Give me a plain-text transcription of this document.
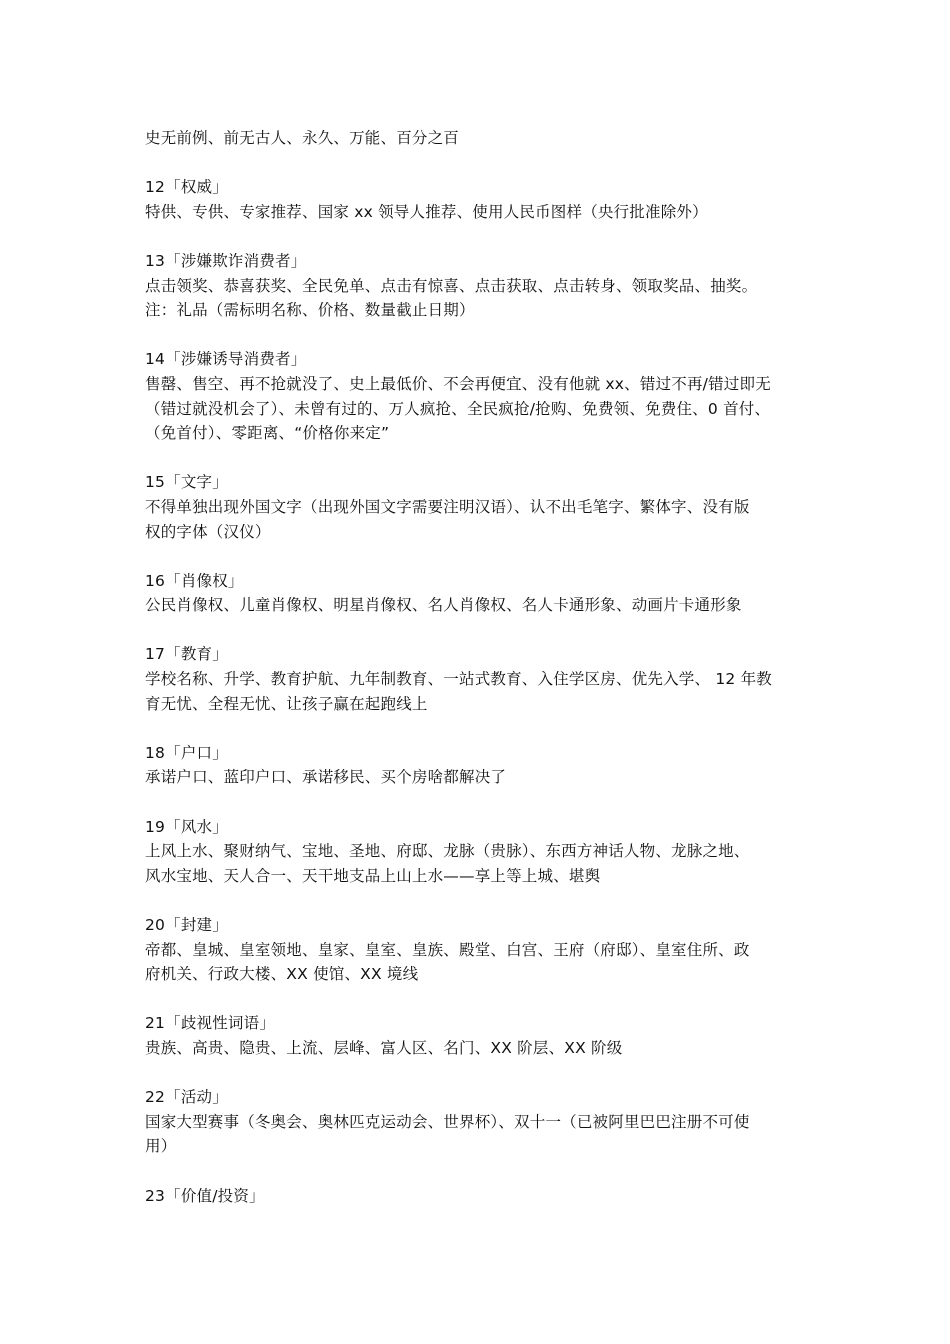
史无前例、前无古人、永久、万能、百分之百
12「权威」
特供、专供、专家推荐、国家 xx 领导人推荐、使用人民币图样（央行批准除外）
13「涉嫌欺诈消费者」
点击领奖、恭喜获奖、全民免单、点击有惊喜、点击获取、点击转身、领取奖品、抽奖。
注：礼品（需标明名称、价格、数量截止日期）
14「涉嫌诱导消费者」
售罄、售空、再不抢就没了、史上最低价、不会再便宜、没有他就 xx、错过不再/错过即无
（错过就没机会了）、未曾有过的、万人疯抢、全民疯抢/抢购、免费领、免费住、0 首付、
（免首付）、零距离、“价格你来定”
15「文字」
不得单独出现外国文字（出现外国文字需要注明汉语）、认不出毛笔字、繁体字、没有版
权的字体（汉仪）
16「肖像权」
公民肖像权、儿童肖像权、明星肖像权、名人肖像权、名人卡通形象、动画片卡通形象
17「教育」
学校名称、升学、教育护航、九年制教育、一站式教育、入住学区房、优先入学、 12 年教
育无忧、全程无忧、让孩子赢在起跑线上
18「户口」
承诺户口、蓝印户口、承诺移民、买个房啥都解决了
19「风水」
上风上水、聚财纳气、宝地、圣地、府邸、龙脉（贵脉）、东西方神话人物、龙脉之地、
风水宝地、天人合一、天干地支品上山上水——享上等上城、堪舆
20「封建」
帝都、皇城、皇室领地、皇家、皇室、皇族、殿堂、白宫、王府（府邸）、皇室住所、政
府机关、行政大楼、XX 使馆、XX 境线
21「歧视性词语」
贵族、高贵、隐贵、上流、层峰、富人区、名门、XX 阶层、XX 阶级
22「活动」
国家大型赛事（冬奥会、奥林匹克运动会、世界杯）、双十一（已被阿里巴巴注册不可使
用）
23「价值/投资」
